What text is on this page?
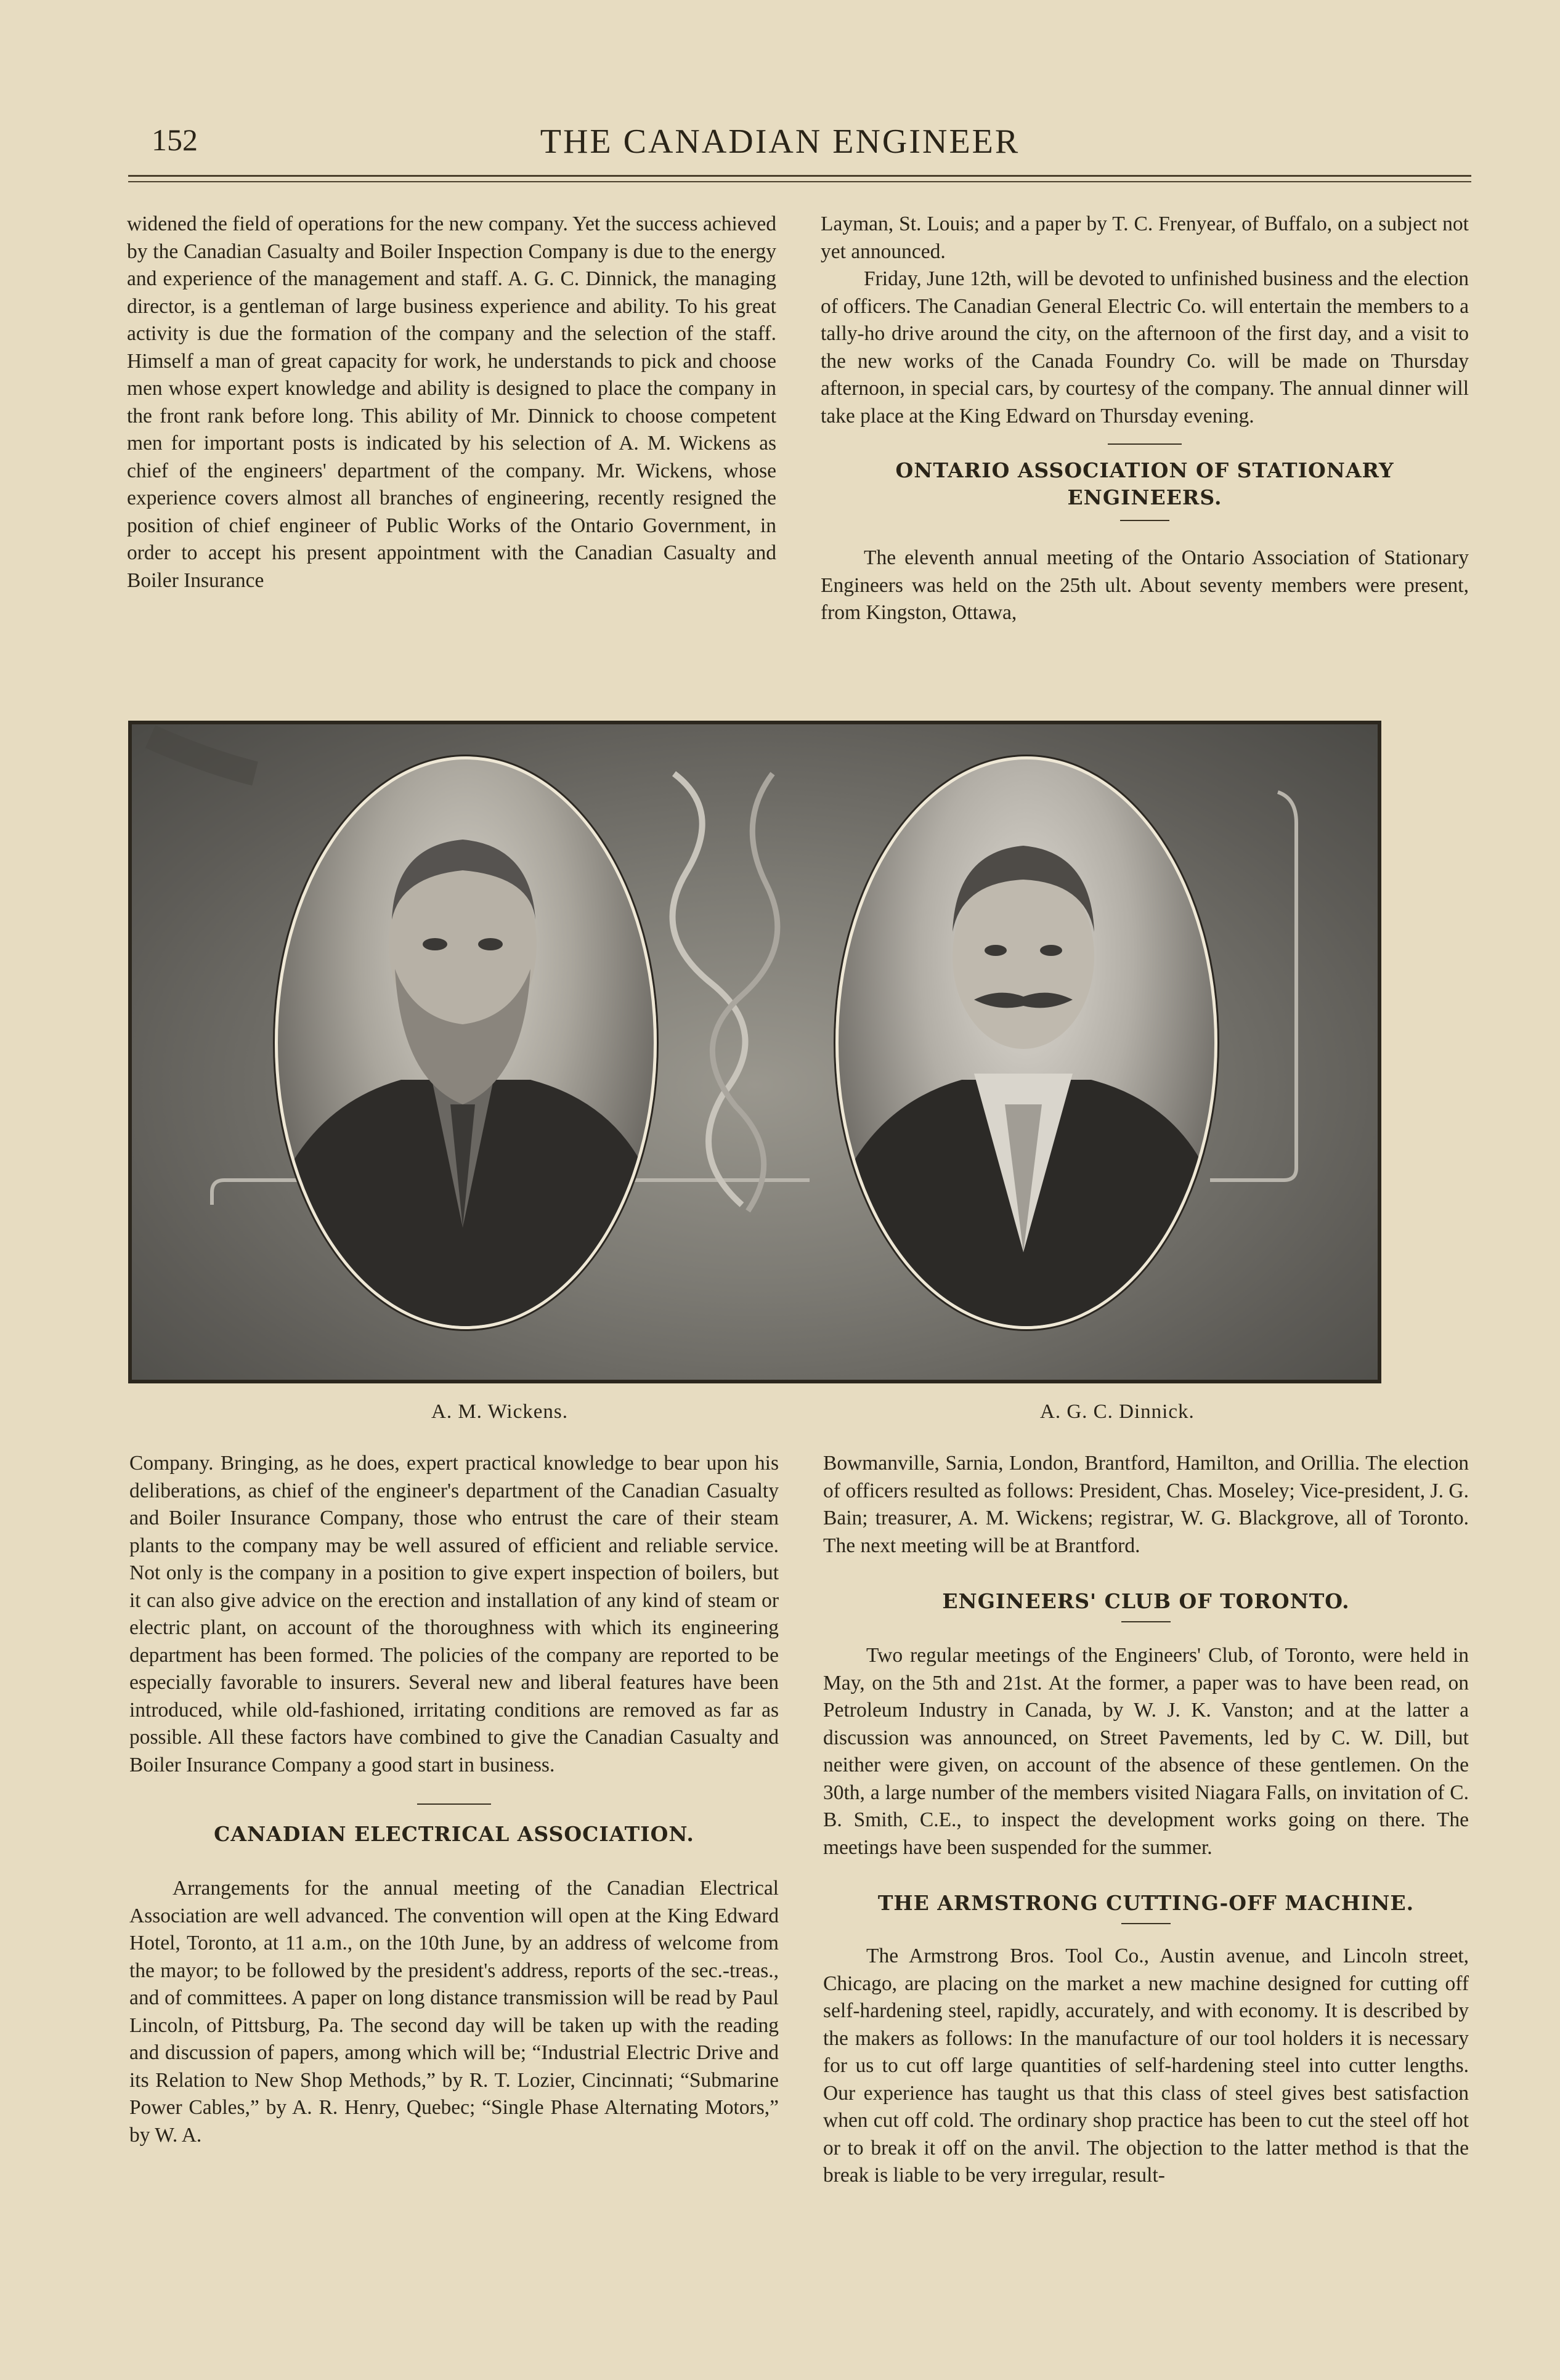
152	THE CANADIAN ENGINEER

widened the field of operations for the new company. Yet the success achieved by the Canadian Casualty and Boiler Inspection Company is due to the energy and experience of the management and staff. A. G. C. Dinnick, the managing director, is a gentleman of large business experience and ability. To his great activity is due the formation of the company and the selection of the staff. Himself a man of great capacity for work, he understands to pick and choose men whose expert knowledge and ability is designed to place the company in the front rank before long. This ability of Mr. Dinnick to choose competent men for important posts is indicated by his selection of A. M. Wickens as chief of the engineers' department of the company. Mr. Wickens, whose experience covers almost all branches of engineering, recently resigned the position of chief engineer of Public Works of the Ontario Government, in order to accept his present appointment with the Canadian Casualty and Boiler Insurance

Layman, St. Louis; and a paper by T. C. Frenyear, of Buffalo, on a subject not yet announced.

Friday, June 12th, will be devoted to unfinished business and the election of officers. The Canadian General Electric Co. will entertain the members to a tally-ho drive around the city, on the afternoon of the first day, and a visit to the new works of the Canada Foundry Co. will be made on Thursday afternoon, in special cars, by courtesy of the company. The annual dinner will take place at the King Edward on Thursday evening.

ONTARIO ASSOCIATION OF STATIONARY ENGINEERS.

The eleventh annual meeting of the Ontario Association of Stationary Engineers was held on the 25th ult. About seventy members were present, from Kingston, Ottawa,

A. M. Wickens.	A. G. C. Dinnick.

Company. Bringing, as he does, expert practical knowledge to bear upon his deliberations, as chief of the engineer's department of the Canadian Casualty and Boiler Insurance Company, those who entrust the care of their steam plants to the company may be well assured of efficient and reliable service. Not only is the company in a position to give expert inspection of boilers, but it can also give advice on the erection and installation of any kind of steam or electric plant, on account of the thoroughness with which its engineering department has been formed. The policies of the company are reported to be especially favorable to insurers. Several new and liberal features have been introduced, while old-fashioned, irritating conditions are removed as far as possible. All these factors have combined to give the Canadian Casualty and Boiler Insurance Company a good start in business.

CANADIAN ELECTRICAL ASSOCIATION.

Arrangements for the annual meeting of the Canadian Electrical Association are well advanced. The convention will open at the King Edward Hotel, Toronto, at 11 a.m., on the 10th June, by an address of welcome from the mayor; to be followed by the president's address, reports of the sec.-treas., and of committees. A paper on long distance transmission will be read by Paul Lincoln, of Pittsburg, Pa. The second day will be taken up with the reading and discussion of papers, among which will be; “Industrial Electric Drive and its Relation to New Shop Methods,” by R. T. Lozier, Cincinnati; “Submarine Power Cables,” by A. R. Henry, Quebec; “Single Phase Alternating Motors,” by W. A.

Bowmanville, Sarnia, London, Brantford, Hamilton, and Orillia. The election of officers resulted as follows: President, Chas. Moseley; Vice-president, J. G. Bain; treasurer, A. M. Wickens; registrar, W. G. Blackgrove, all of Toronto. The next meeting will be at Brantford.

ENGINEERS' CLUB OF TORONTO.

Two regular meetings of the Engineers' Club, of Toronto, were held in May, on the 5th and 21st. At the former, a paper was to have been read, on Petroleum Industry in Canada, by W. J. K. Vanston; and at the latter a discussion was announced, on Street Pavements, led by C. W. Dill, but neither were given, on account of the absence of these gentlemen. On the 30th, a large number of the members visited Niagara Falls, on invitation of C. B. Smith, C.E., to inspect the development works going on there. The meetings have been suspended for the summer.

THE ARMSTRONG CUTTING-OFF MACHINE.

The Armstrong Bros. Tool Co., Austin avenue, and Lincoln street, Chicago, are placing on the market a new machine designed for cutting off self-hardening steel, rapidly, accurately, and with economy. It is described by the makers as follows: In the manufacture of our tool holders it is necessary for us to cut off large quantities of self-hardening steel into cutter lengths. Our experience has taught us that this class of steel gives best satisfaction when cut off cold. The ordinary shop practice has been to cut the steel off hot or to break it off on the anvil. The objection to the latter method is that the break is liable to be very irregular, result-
